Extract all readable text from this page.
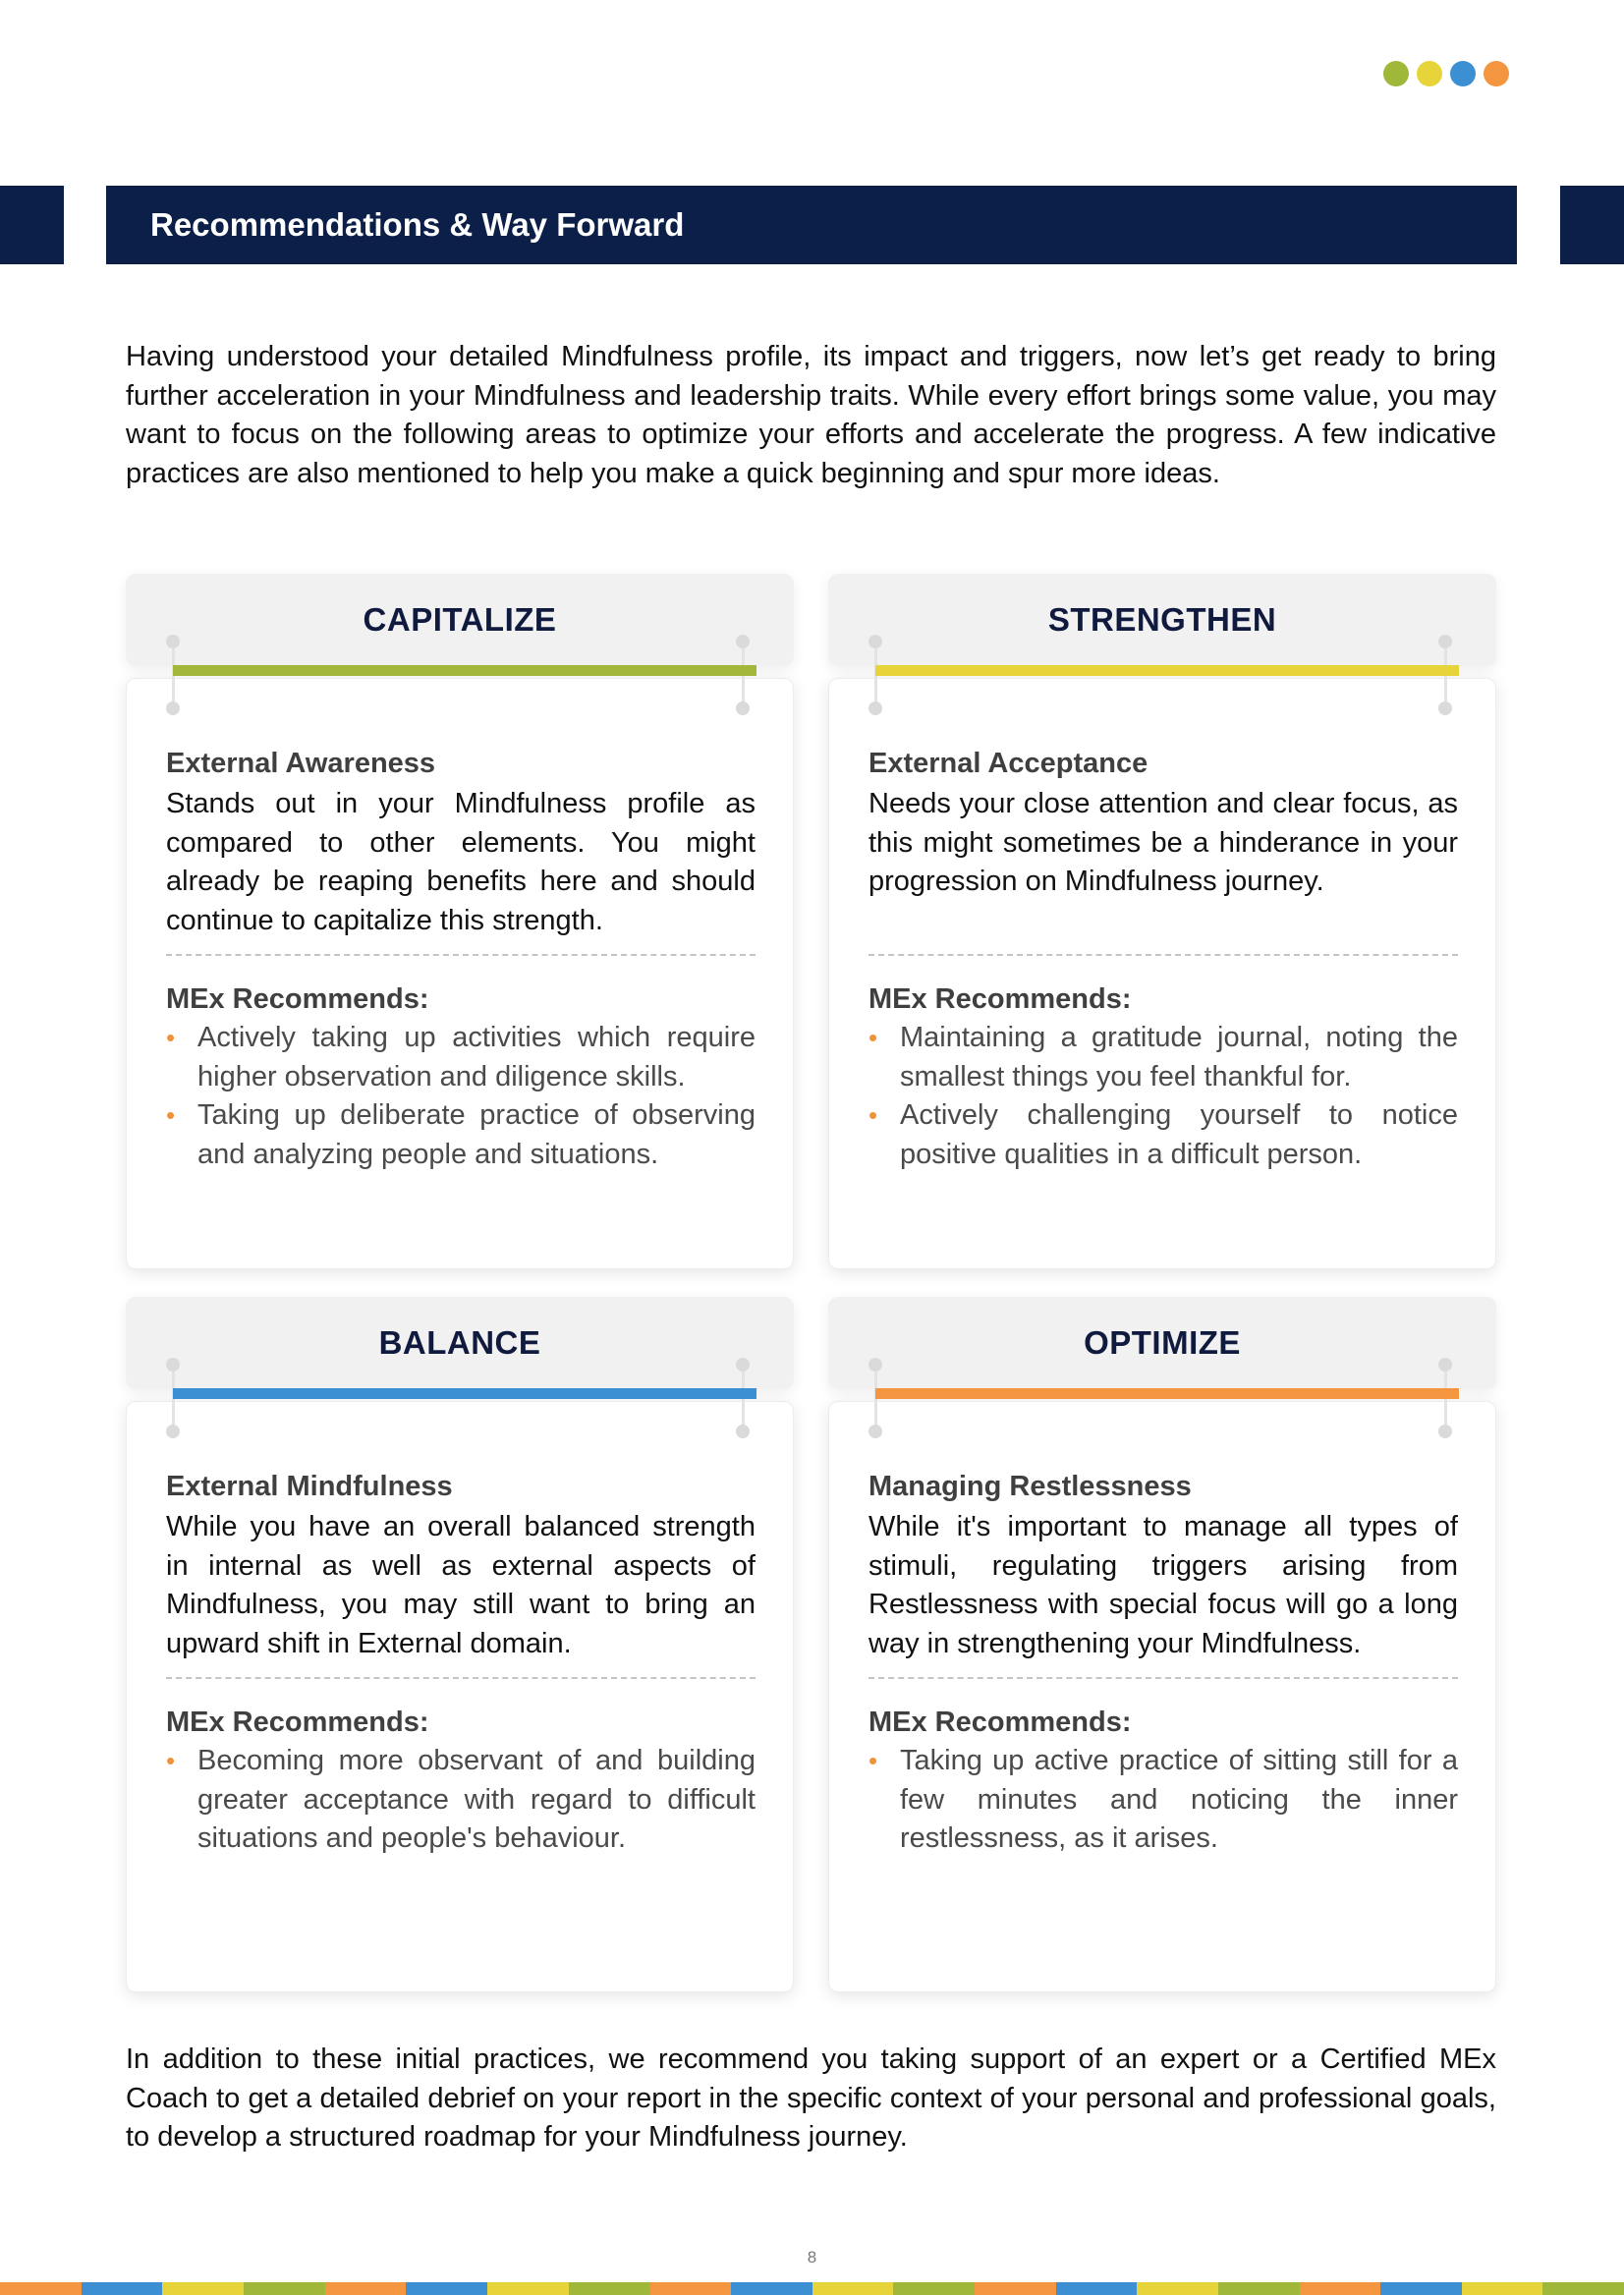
Recommendations & Way Forward

Having understood your detailed Mindfulness profile, its impact and triggers, now let’s get ready to bring further acceleration in your Mindfulness and leadership traits. While every effort brings some value, you may want to focus on the following areas to optimize your efforts and accelerate the progress. A few indicative practices are also mentioned to help you make a quick beginning and spur more ideas.

CAPITALIZE
External Awareness

Stands out in your Mindfulness profile as compared to other elements. You might already be reaping benefits here and should continue to capitalize this strength.

MEx Recommends:
• Actively taking up activities which require higher observation and diligence skills.
• Taking up deliberate practice of observing and analyzing people and situations.
STRENGTHEN
External Acceptance

Needs your close attention and clear focus, as this might sometimes be a hinderance in your progression on Mindfulness journey.

MEx Recommends:
• Maintaining a gratitude journal, noting the smallest things you feel thankful for.
• Actively challenging yourself to notice positive qualities in a difficult person.
BALANCE
External Mindfulness

While you have an overall balanced strength in internal as well as external aspects of Mindfulness, you may still want to bring an upward shift in External domain.

MEx Recommends:
• Becoming more observant of and building greater acceptance with regard to difficult situations and people's behaviour.
OPTIMIZE
Managing Restlessness

While it's important to manage all types of stimuli, regulating triggers arising from Restlessness with special focus will go a long way in strengthening your Mindfulness.

MEx Recommends:
• Taking up active practice of sitting still for a few minutes and noticing the inner restlessness, as it arises.

In addition to these initial practices, we recommend you taking support of an expert or a Certified MEx Coach to get a detailed debrief on your report in the specific context of your personal and professional goals, to develop a structured roadmap for your Mindfulness journey.

8
